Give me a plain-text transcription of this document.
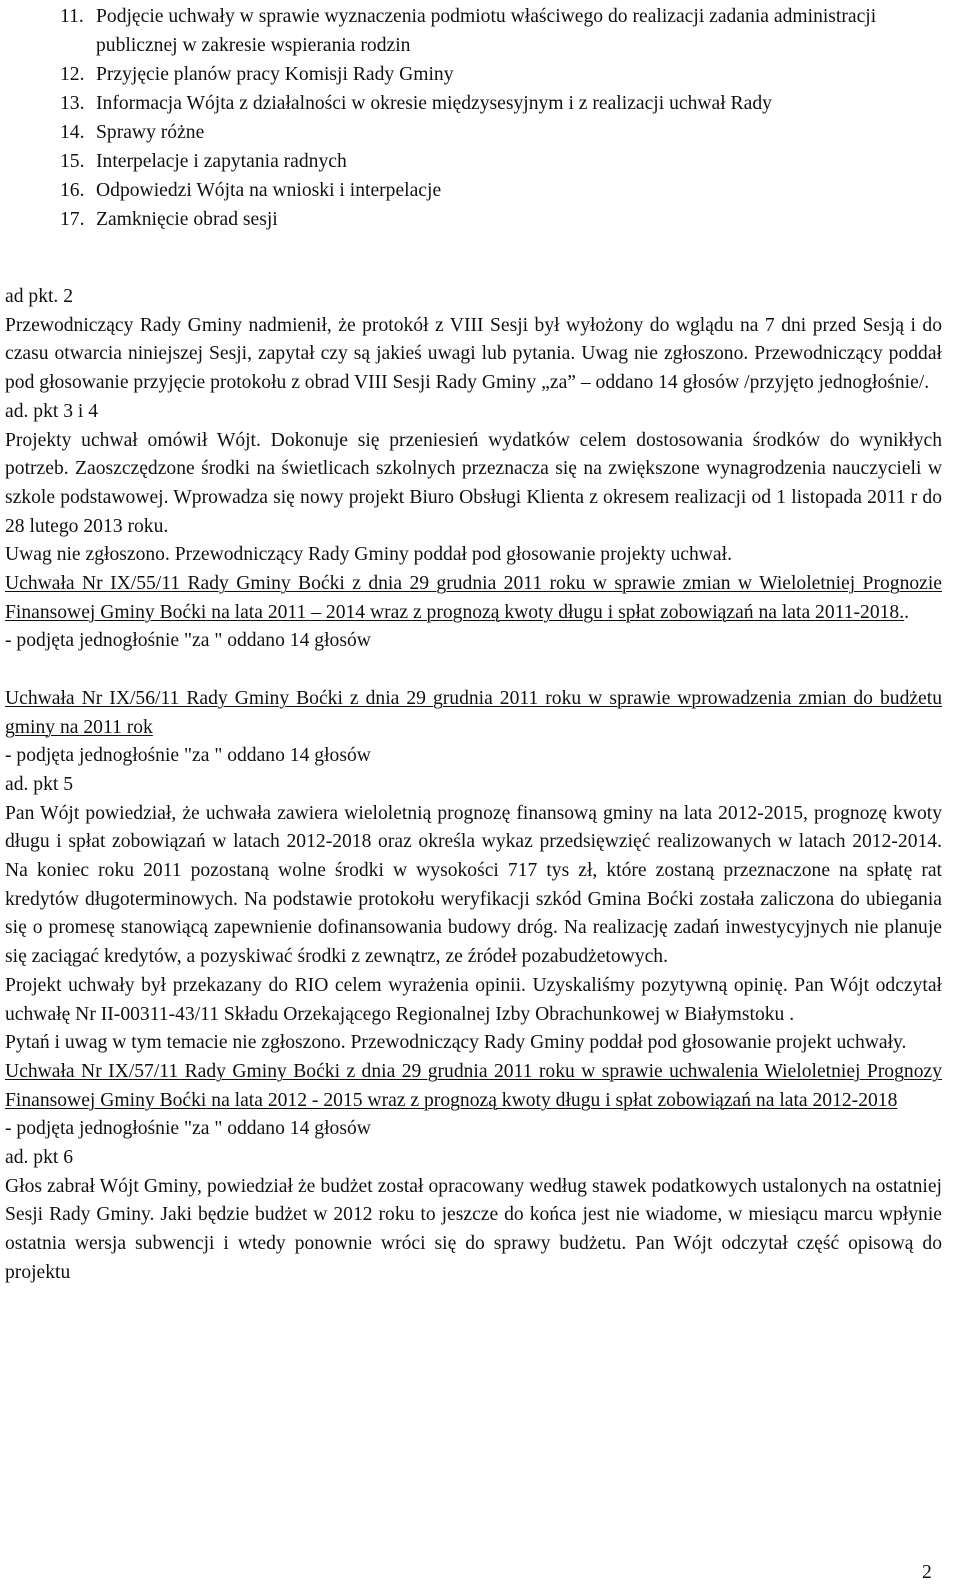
11. Podjęcie uchwały w sprawie wyznaczenia podmiotu właściwego do realizacji zadania administracji publicznej w zakresie wspierania rodzin
12. Przyjęcie planów pracy Komisji Rady Gminy
13. Informacja Wójta z działalności w okresie międzysesyjnym i z realizacji uchwał Rady
14. Sprawy różne
15. Interpelacje i zapytania radnych
16. Odpowiedzi Wójta na wnioski i interpelacje
17. Zamknięcie obrad sesji
ad pkt. 2
Przewodniczący Rady Gminy nadmienił, że protokół z VIII Sesji był wyłożony do wglądu na 7 dni przed Sesją i do czasu otwarcia niniejszej Sesji, zapytał czy są jakieś uwagi lub pytania. Uwag nie zgłoszono. Przewodniczący poddał pod głosowanie przyjęcie protokołu z obrad VIII Sesji Rady Gminy „za” – oddano 14 głosów /przyjęto jednogłośnie/.
ad. pkt 3 i 4
Projekty uchwał omówił Wójt. Dokonuje się przeniesień wydatków celem dostosowania środków do wynikłych potrzeb. Zaoszczędzone środki na świetlicach szkolnych przeznacza się na zwiększone wynagrodzenia nauczycieli w szkole podstawowej. Wprowadza się nowy projekt Biuro Obsługi Klienta z okresem realizacji od 1 listopada 2011 r do 28 lutego 2013 roku.
Uwag nie zgłoszono. Przewodniczący Rady Gminy poddał pod głosowanie projekty uchwał.
Uchwała Nr IX/55/11 Rady Gminy Boćki z dnia 29 grudnia 2011 roku w sprawie zmian w Wieloletniej Prognozie Finansowej Gminy Boćki na lata 2011 – 2014 wraz z prognozą kwoty długu i spłat zobowiązań na lata 2011-2018..
- podjęta jednogłośnie "za " oddano 14 głosów
Uchwała Nr IX/56/11 Rady Gminy Boćki z dnia 29 grudnia 2011 roku w sprawie wprowadzenia zmian do budżetu gminy na 2011 rok
- podjęta jednogłośnie "za " oddano 14 głosów
ad. pkt 5
Pan Wójt powiedział, że uchwała zawiera wieloletnią prognozę finansową gminy na lata 2012-2015, prognozę kwoty długu i spłat zobowiązań w latach 2012-2018 oraz określa wykaz przedsięwzięć realizowanych w latach 2012-2014. Na koniec roku 2011 pozostaną wolne środki w wysokości 717 tys zł, które zostaną przeznaczone na spłatę rat kredytów długoterminowych. Na podstawie protokołu weryfikacji szkód Gmina Boćki została zaliczona do ubiegania się o promesę stanowiącą zapewnienie dofinansowania budowy dróg. Na realizację zadań inwestycyjnych nie planuje się zaciągać kredytów, a pozyskiwać środki z zewnątrz, ze źródeł pozabudżetowych.
Projekt uchwały był przekazany do RIO celem wyrażenia opinii. Uzyskaliśmy pozytywną opinię. Pan Wójt odczytał uchwałę Nr II-00311-43/11 Składu Orzekającego Regionalnej Izby Obrachunkowej w Białymstoku .
Pytań i uwag w tym temacie nie zgłoszono. Przewodniczący Rady Gminy poddał pod głosowanie projekt uchwały.
Uchwała Nr IX/57/11 Rady Gminy Boćki z dnia 29 grudnia 2011 roku w sprawie uchwalenia Wieloletniej Prognozy Finansowej Gminy Boćki na lata 2012 - 2015 wraz z prognozą kwoty długu i spłat zobowiązań na lata 2012-2018
- podjęta jednogłośnie "za " oddano 14 głosów
ad. pkt 6
Głos zabrał Wójt Gminy, powiedział że budżet został opracowany według stawek podatkowych ustalonych na ostatniej Sesji Rady Gminy. Jaki będzie budżet w 2012 roku to jeszcze do końca jest nie wiadome, w miesiącu marcu wpłynie ostatnia wersja subwencji i wtedy ponownie wróci się do sprawy budżetu. Pan Wójt odczytał część opisową do projektu
2
